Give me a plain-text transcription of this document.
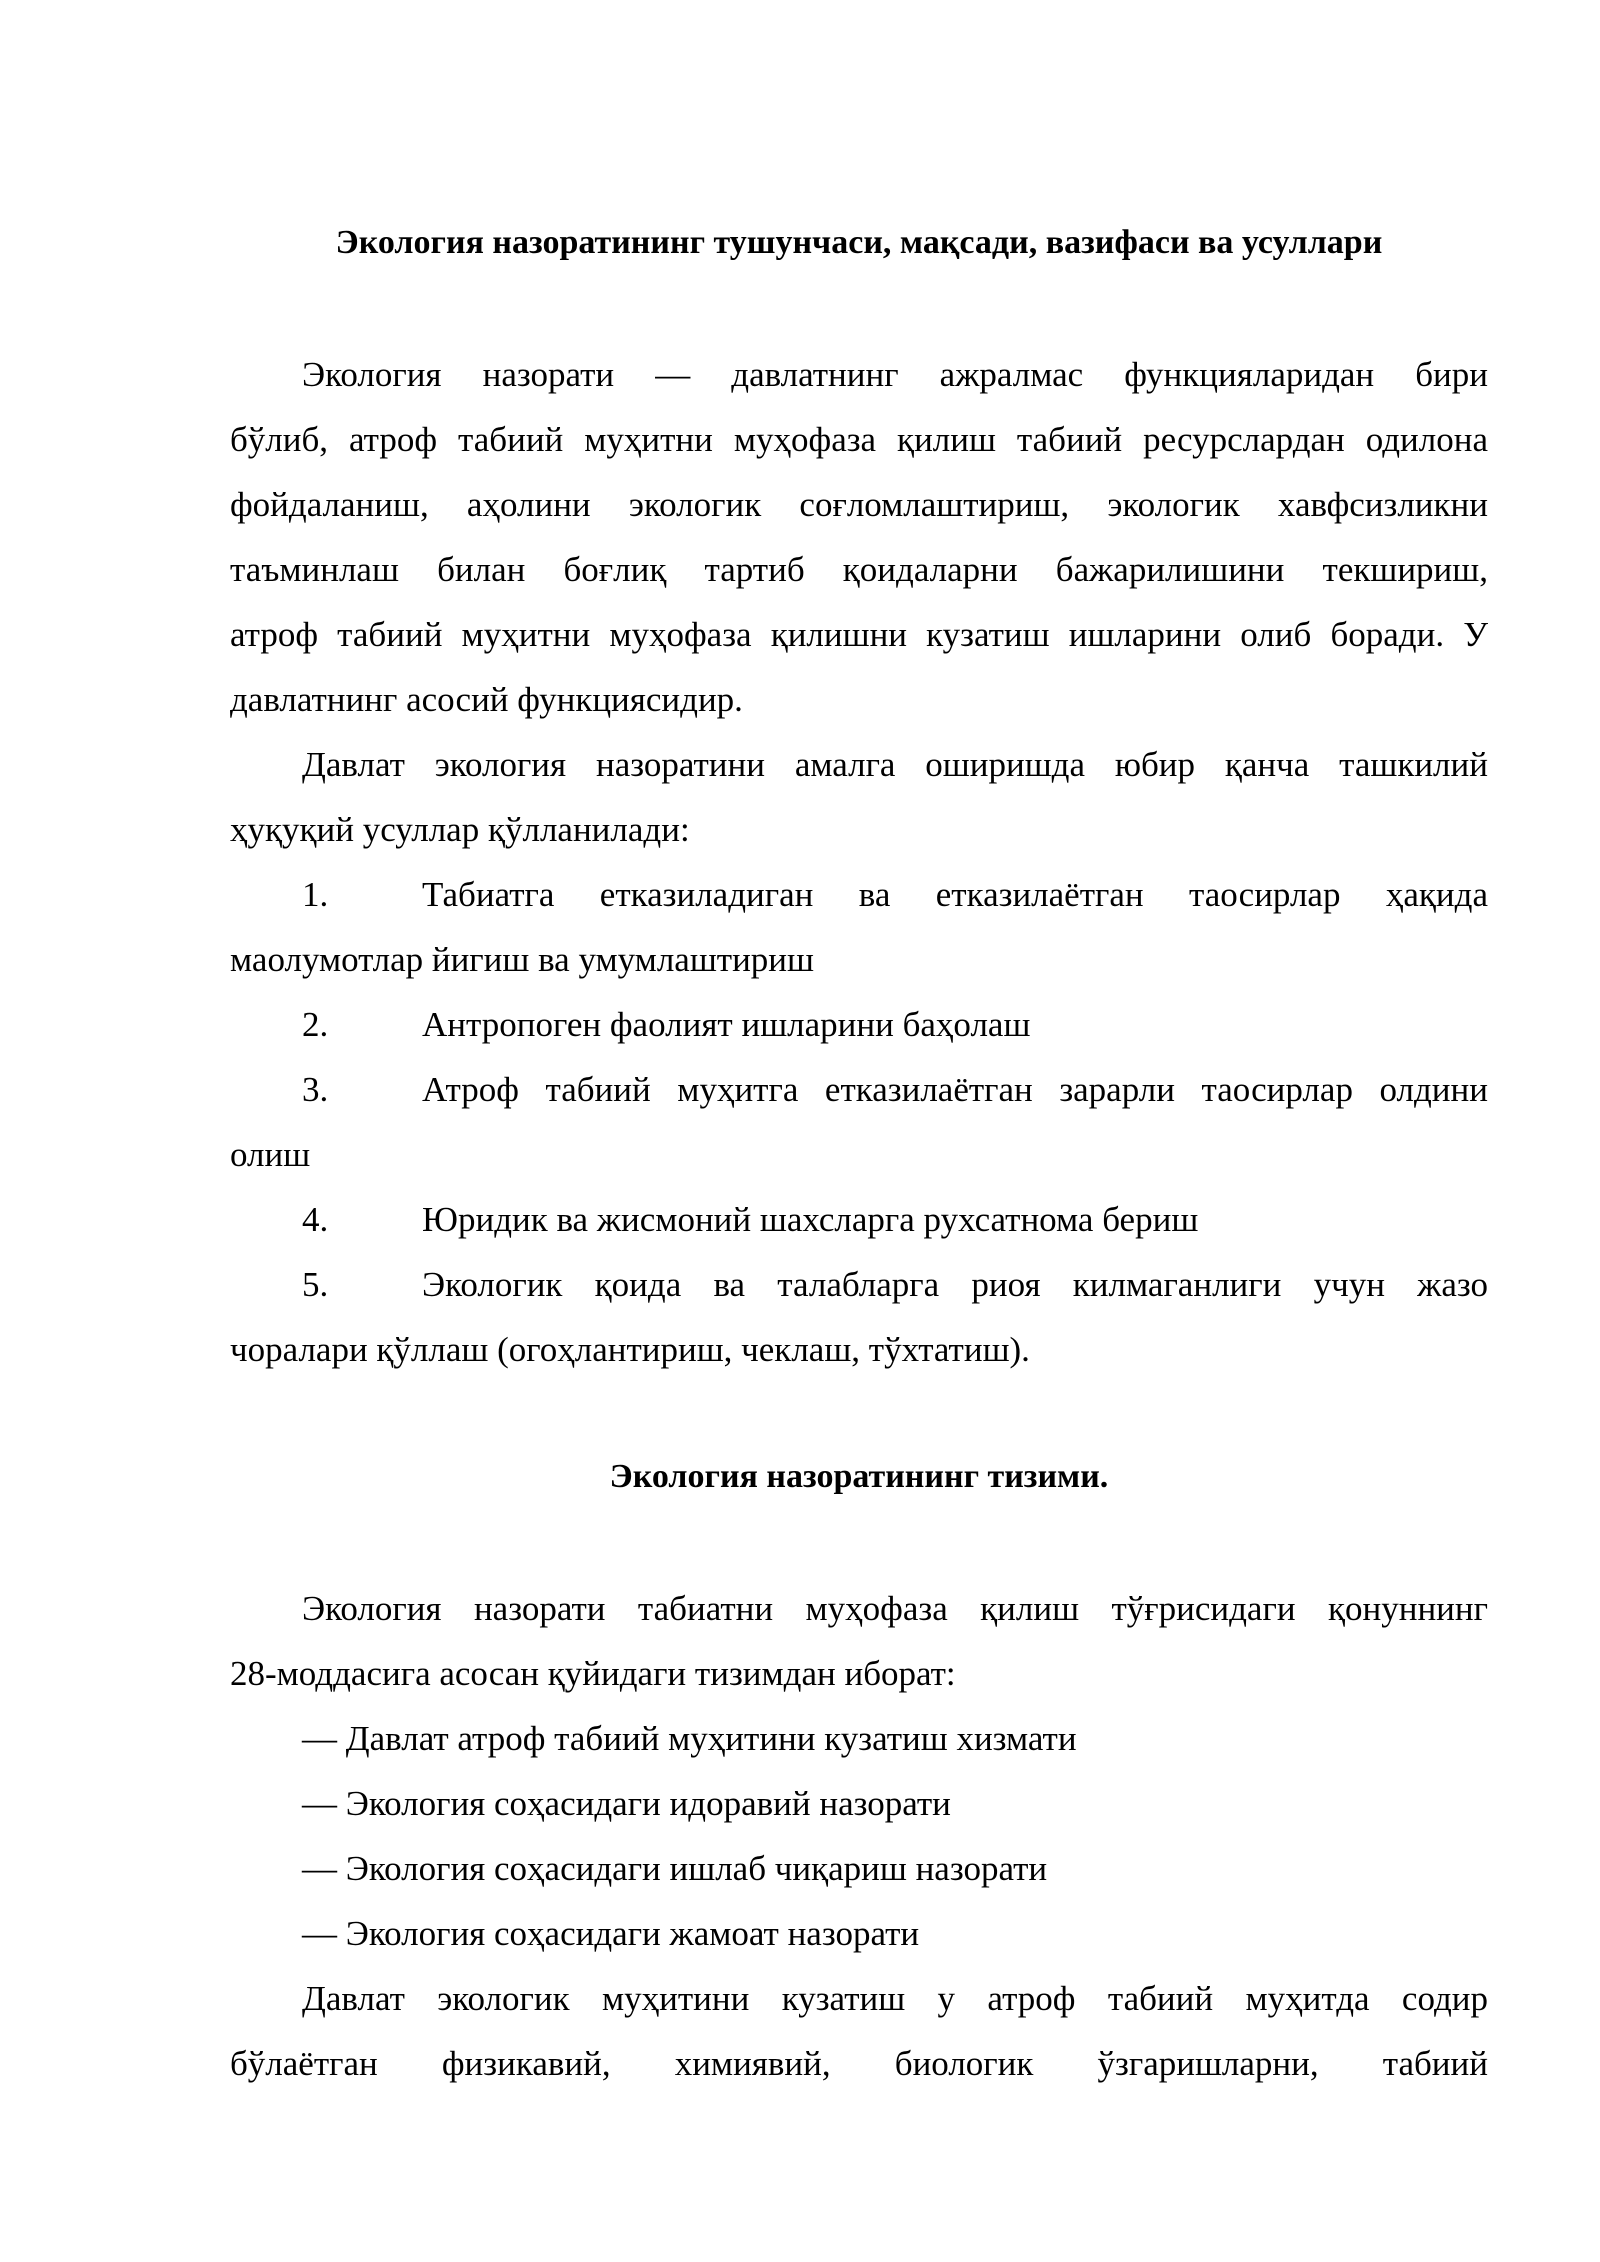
Экология назоратининг тушунчаси, мақсади, вазифаси ва усуллари

Экология назорати — давлатнинг ажралмас функцияларидан бири

бўлиб, атроф табиий муҳитни муҳофаза қилиш табиий ресурслардан одилона

фойдаланиш, аҳолини экологик соғломлаштириш, экологик хавфсизликни

таъминлаш билан боғлиқ тартиб қоидаларни бажарилишини текшириш,

атроф табиий муҳитни муҳофаза қилишни кузатиш ишларини олиб боради. У

давлатнинг асосий функциясидир.

Давлат экология назоратини амалга оширишда юбир қанча ташкилий

ҳуқуқий усуллар қўлланилади:

1.	Табиатга етказиладиган ва етказилаётган таосирлар ҳақида

маолумотлар йигиш ва умумлаштириш

2.	Антропоген фаолият ишларини баҳолаш

3.	Атроф табиий муҳитга етказилаётган зарарли таосирлар олдини

олиш

4.	Юридик ва жисмоний шахсларга рухсатнома бериш

5.	Экологик қоида ва талабларга риоя килмаганлиги учун жазо

чоралари қўллаш (огоҳлантириш, чеклаш, тўхтатиш).

Экология назоратининг тизими.

Экология назорати табиатни муҳофаза қилиш тўғрисидаги қонуннинг

28-моддасига асосан қуйидаги тизимдан иборат:

— Давлат атроф табиий муҳитини кузатиш хизмати

— Экология соҳасидаги идоравий назорати

— Экология соҳасидаги ишлаб чиқариш назорати

— Экология соҳасидаги жамоат назорати

Давлат экологик муҳитини кузатиш у атроф табиий муҳитда содир

бўлаётган физикавий, химиявий, биологик ўзгаришларни, табиий
